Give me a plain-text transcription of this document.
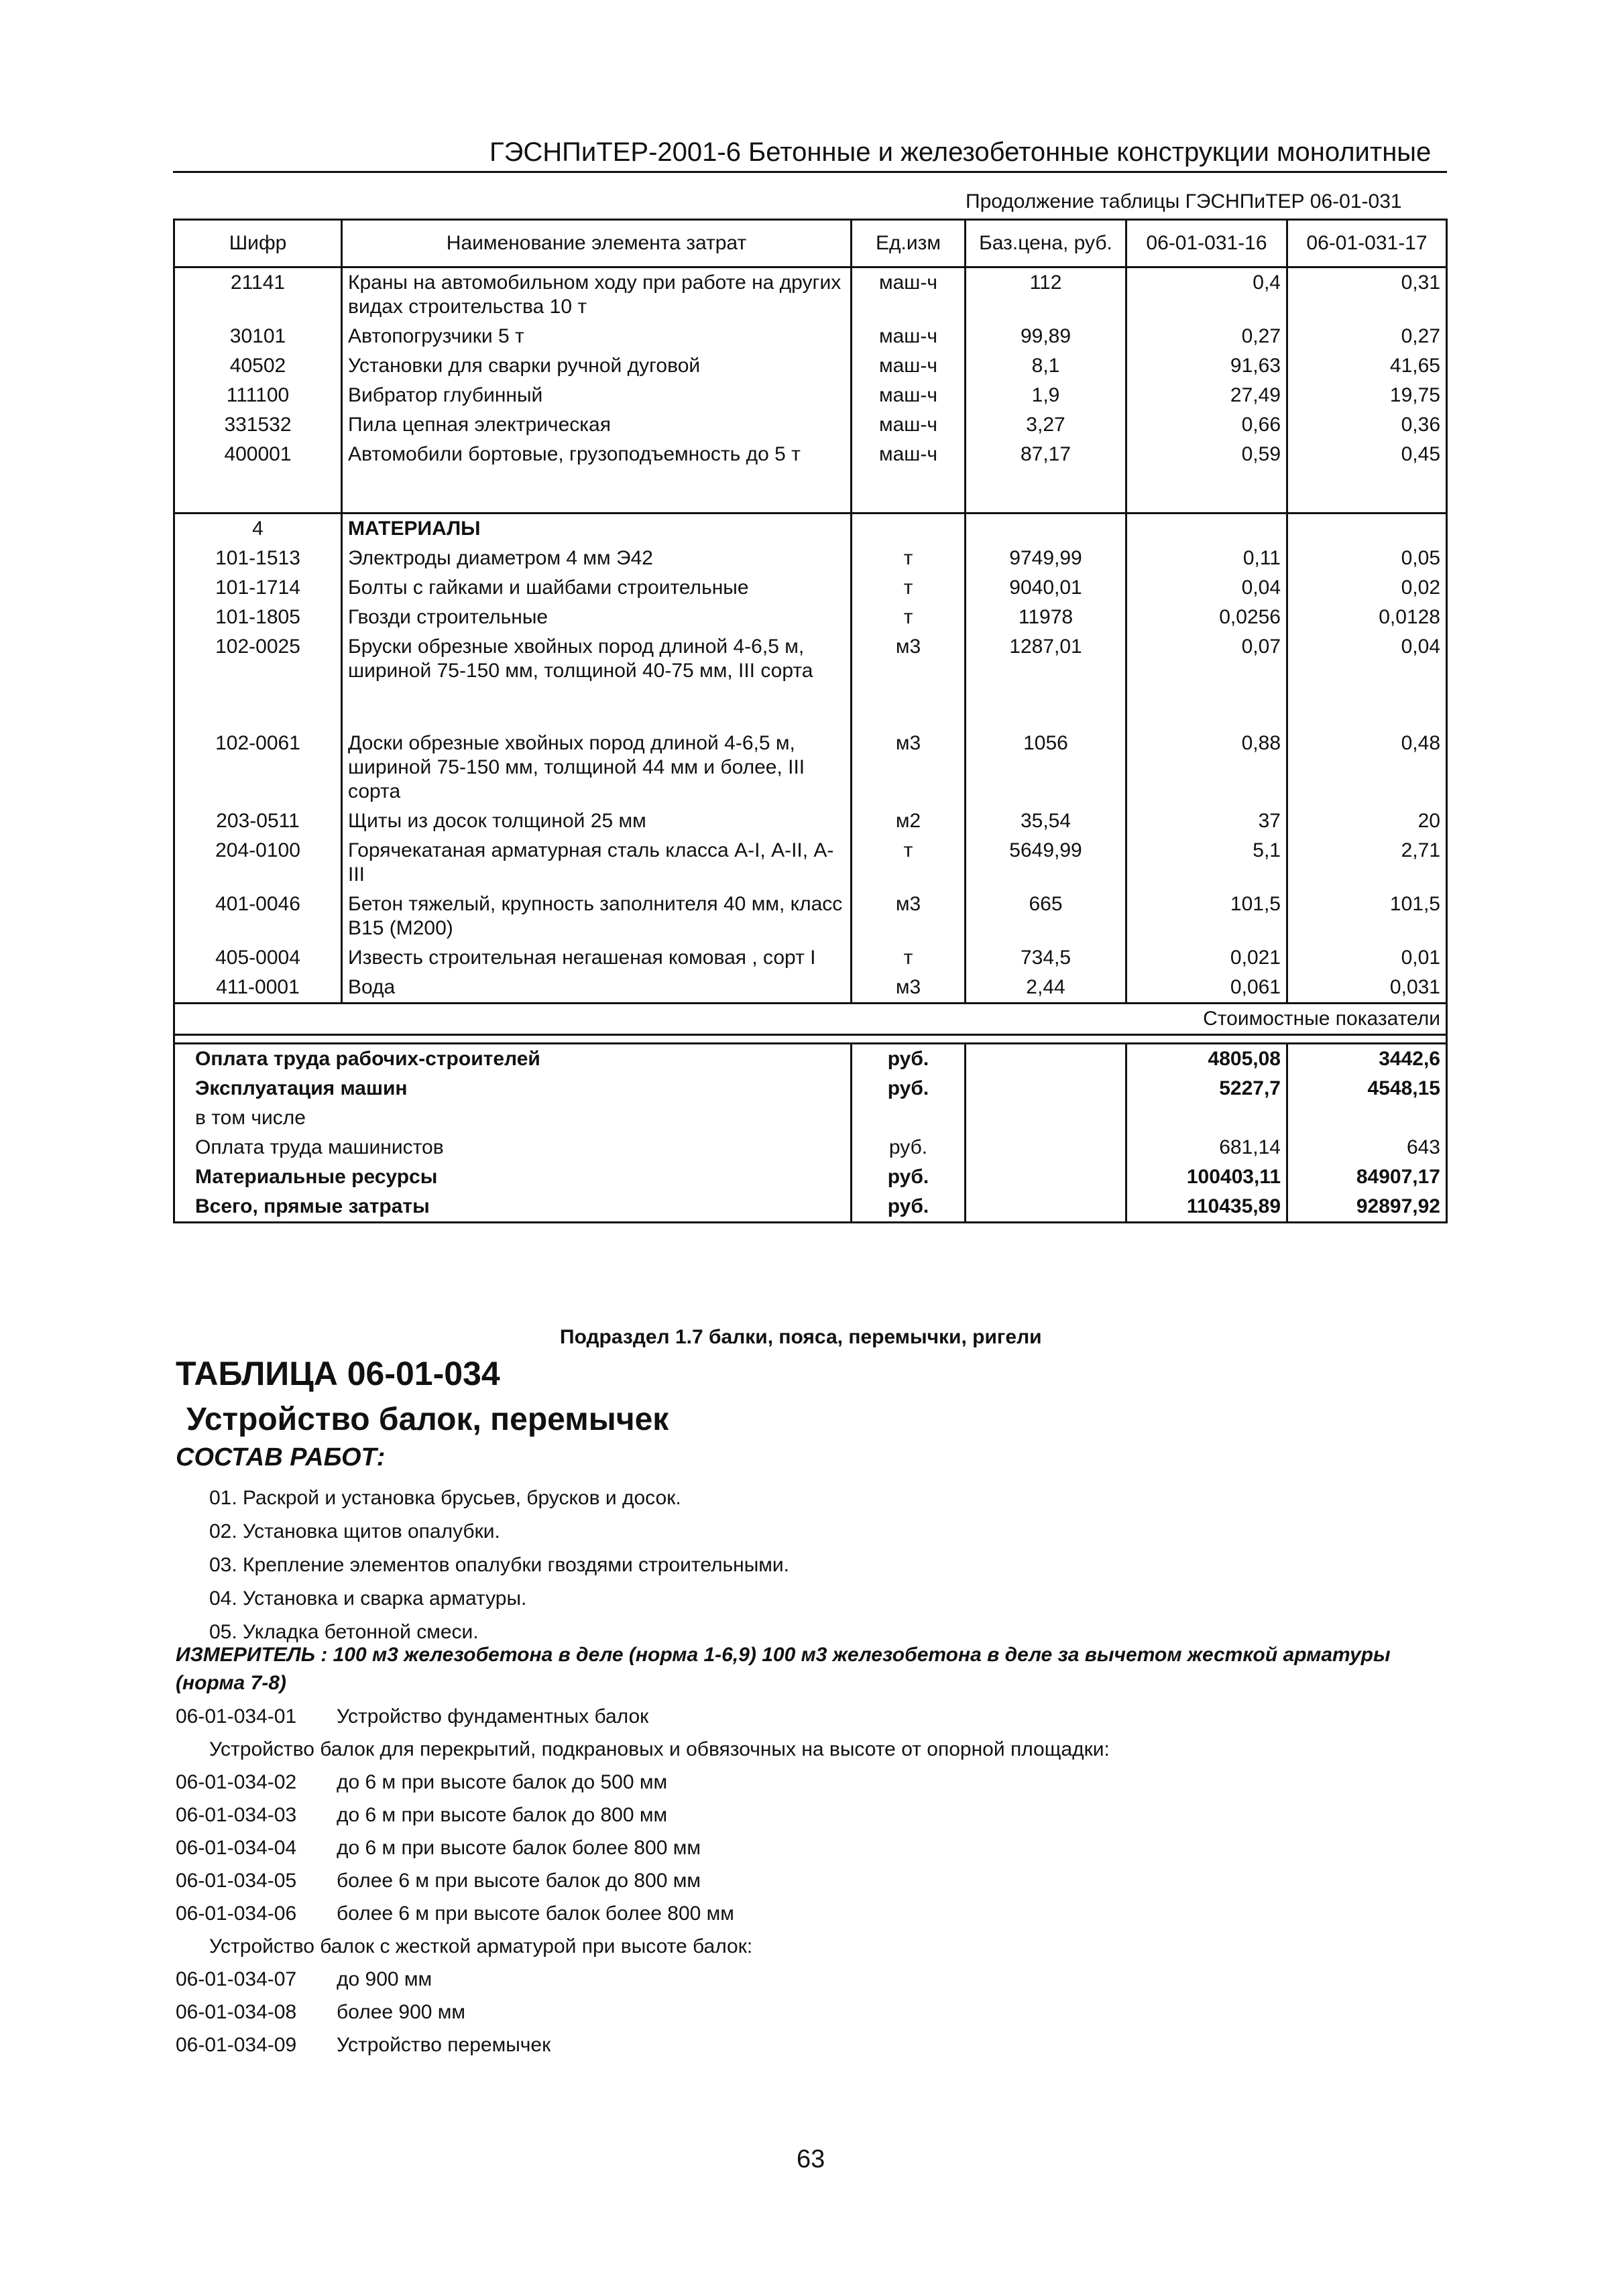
ГЭСНПиТЕР-2001-6 Бетонные и железобетонные конструкции монолитные
Продолжение таблицы ГЭСНПиТЕР 06-01-031
Шифр	Наименование элемента затрат	Ед.изм	Баз.цена, руб.	06-01-031-16	06-01-031-17
21141	Краны на автомобильном ходу при работе на других видах строительства 10 т	маш-ч	112	0,4	0,31
30101	Автопогрузчики 5 т	маш-ч	99,89	0,27	0,27
40502	Установки для сварки ручной дуговой	маш-ч	8,1	91,63	41,65
111100	Вибратор глубинный	маш-ч	1,9	27,49	19,75
331532	Пила цепная электрическая	маш-ч	3,27	0,66	0,36
400001	Автомобили бортовые, грузоподъемность до 5 т	маш-ч	87,17	0,59	0,45

4	МАТЕРИАЛЫ				
101-1513	Электроды диаметром 4 мм Э42	т	9749,99	0,11	0,05
101-1714	Болты с гайками и шайбами строительные	т	9040,01	0,04	0,02
101-1805	Гвозди строительные	т	11978	0,0256	0,0128
102-0025	Бруски обрезные хвойных пород длиной 4-6,5 м, шириной 75-150 мм, толщиной 40-75 мм, III сорта	м3	1287,01	0,07	0,04

102-0061	Доски обрезные хвойных пород длиной 4-6,5 м, шириной 75-150 мм, толщиной 44 мм и более, III сорта	м3	1056	0,88	0,48
203-0511	Щиты из досок толщиной 25 мм	м2	35,54	37	20
204-0100	Горячекатаная арматурная сталь класса А-I, А-II, А-III	т	5649,99	5,1	2,71
401-0046	Бетон тяжелый, крупность заполнителя 40 мм, класс В15 (М200)	м3	665	101,5	101,5
405-0004	Известь строительная негашеная комовая , сорт I	т	734,5	0,021	0,01
411-0001	Вода	м3	2,44	0,061	0,031
Стоимостные показатели					

Оплата труда рабочих-строителей		руб.		4805,08	3442,6
Эксплуатация машин		руб.		5227,7	4548,15
в том числе					
Оплата труда машинистов		руб.		681,14	643
Материальные ресурсы		руб.		100403,11	84907,17
Всего, прямые затраты		руб.		110435,89	92897,92
Подраздел 1.7 балки, пояса, перемычки, ригели
ТАБЛИЦА 06-01-034
Устройство балок, перемычек
СОСТАВ РАБОТ:
01. Раскрой и установка брусьев, брусков и досок.
02. Установка щитов опалубки.
03. Крепление элементов опалубки гвоздями строительными.
04. Установка и сварка арматуры.
05. Укладка бетонной смеси.
ИЗМЕРИТЕЛЬ : 100 м3 железобетона в деле (норма 1-6,9) 100 м3 железобетона в деле за вычетом жесткой арматуры (норма 7-8)
06-01-034-01	Устройство фундаментных балок
Устройство балок для перекрытий, подкрановых и обвязочных на высоте от опорной площадки:
06-01-034-02	до 6 м при высоте балок до 500 мм
06-01-034-03	до 6 м при высоте балок до 800 мм
06-01-034-04	до 6 м при высоте балок более 800 мм
06-01-034-05	более 6 м при высоте балок до 800 мм
06-01-034-06	более 6 м при высоте балок более 800 мм
Устройство балок с жесткой арматурой при высоте балок:
06-01-034-07	до 900 мм
06-01-034-08	более 900 мм
06-01-034-09	Устройство перемычек
63
